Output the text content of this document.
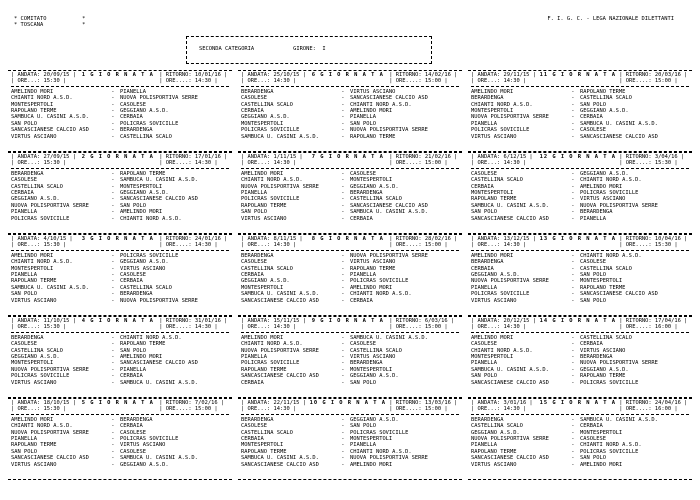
* COMITATO           *
* TOSCANA            *
F. I. G. C. - LEGA NAZIONALE DILETTANTI
SECONDA CATEGORIA	GIRONE: I
| ANDATA: 20/09/15 |	1 G I O R N A T A | RITORNO: 10/01/16 |
| ORE...: 15:30 |	| ORE....: 14:30 |
AMELINDO MORI	-	PIANELLA
CHIANTI NORD A.S.D.	-	NUOVA POLISPORTIVA SERRE
MONTESPERTOLI	-	CASOLESE
RAPOLANO TERME	-	GEGGIANO A.S.D.
SAMBUCA U. CASINI A.S.D.	-	CERBAIA
SAN POLO	-	POLICRAS SOVICILLE
SANCASCIANESE CALCIO ASD	-	BERARDENGA
VIRTUS ASCIANO	-	CASTELLINA SCALO
| ANDATA: 25/10/15 |	6 G I O R N A T A | RITORNO: 14/02/16 |
| ORE...: 14:30 |	| ORE....: 15:00 |
BERARDENGA	-	VIRTUS ASCIANO
CASOLESE	-	SANCASCIANESE CALCIO ASD
CASTELLINA SCALO	-	CHIANTI NORD A.S.D.
CERBAIA	-	AMELINDO MORI
GEGGIANO A.S.D.	-	PIANELLA
MONTESPERTOLI	-	SAN POLO
POLICRAS SOVICILLE	-	NUOVA POLISPORTIVA SERRE
SAMBUCA U. CASINI A.S.D.	-	RAPOLANO TERME
| ANDATA: 29/11/15 | 11 G I O R N A T A | RITORNO: 20/03/16 |
| ORE...: 14:30 |	| ORE....: 15:00 |
AMELINDO MORI	-	RAPOLANO TERME
BERARDENGA	-	CASTELLINA SCALO
CHIANTI NORD A.S.D.	-	SAN POLO
MONTESPERTOLI	-	GEGGIANO A.S.D.
NUOVA POLISPORTIVA SERRE	-	CERBAIA
PIANELLA	-	SAMBUCA U. CASINI A.S.D.
POLICRAS SOVICILLE	-	CASOLESE
VIRTUS ASCIANO	-	SANCASCIANESE CALCIO ASD
| ANDATA: 27/09/15 |	2 G I O R N A T A | RITORNO: 17/01/16 |
| ORE...: 15:30 |	| ORE....: 14:30 |
BERARDENGA	-	RAPOLANO TERME
CASOLESE	-	SAMBUCA U. CASINI A.S.D.
CASTELLINA SCALO	-	MONTESPERTOLI
CERBAIA	-	GEGGIANO A.S.D.
GEGGIANO A.S.D.	-	SANCASCIANESE CALCIO ASD
NUOVA POLISPORTIVA SERRE	-	SAN POLO
PIANELLA	-	AMELINDO MORI
POLICRAS SOVICILLE	-	CHIANTI NORD A.S.D.
| ANDATA: 1/11/15 |	7 G I O R N A T A | RITORNO: 21/02/16 |
| ORE...: 14:30 |	| ORE....: 15:00 |
AMELINDO MORI	-	CASOLESE
CHIANTI NORD A.S.D.	-	MONTESPERTOLI
NUOVA POLISPORTIVA SERRE	-	GEGGIANO A.S.D.
PIANELLA	-	BERARDENGA
POLICRAS SOVICILLE	-	CASTELLINA SCALO
RAPOLANO TERME	-	SANCASCIANESE CALCIO ASD
SAN POLO	-	SAMBUCA U. CASINI A.S.D.
VIRTUS ASCIANO	-	CERBAIA
| ANDATA: 6/12/15 |	12 G I O R N A T A | RITORNO: 3/04/16 |
| ORE...: 14:30 |	| ORE....: 15:30 |
CASOLESE	-	GEGGIANO A.S.D.
CASTELLINA SCALO	-	CHIANTI NORD A.S.D.
CERBAIA	-	AMELINDO MORI
MONTESPERTOLI	-	POLICRAS SOVICILLE
RAPOLANO TERME	-	VIRTUS ASCIANO
SAMBUCA U. CASINI A.S.D.	-	NUOVA POLISPORTIVA SERRE
SAN POLO	-	BERARDENGA
SANCASCIANESE CALCIO ASD	-	PIANELLA
| ANDATA: 4/10/15 |	3 G I O R N A T A | RITORNO: 24/01/16 |
| ORE...: 15:30 |	| ORE....: 14:30 |
AMELINDO MORI	-	POLICRAS SOVICILLE
CHIANTI NORD A.S.D.	-	GEGGIANO A.S.D.
MONTESPERTOLI	-	VIRTUS ASCIANO
PIANELLA	-	CASOLESE
RAPOLANO TERME	-	CERBAIA
SAMBUCA U. CASINI A.S.D.	-	CASTELLINA SCALO
SAN POLO	-	BERARDENGA
VIRTUS ASCIANO	-	NUOVA POLISPORTIVA SERRE
| ANDATA: 8/11/15 |	8 G I O R N A T A | RITORNO: 28/02/16 |
| ORE...: 14:30 |	| ORE....: 15:00 |
BERARDENGA	-	NUOVA POLISPORTIVA SERRE
CASOLESE	-	VIRTUS ASCIANO
CASTELLINA SCALO	-	RAPOLANO TERME
CERBAIA	-	PIANELLA
GEGGIANO A.S.D.	-	POLICRAS SOVICILLE
MONTESPERTOLI	-	AMELINDO MORI
SAMBUCA U. CASINI A.S.D.	-	CHIANTI NORD A.S.D.
SANCASCIANESE CALCIO ASD	-	CERBAIA
| ANDATA: 13/12/15 | 13 G I O R N A T A | RITORNO: 10/04/16 |
| ORE...: 14:30 |	| ORE....: 15:30 |
AMELINDO MORI	-	CHIANTI NORD A.S.D.
BERARDENGA	-	CASOLESE
CERBAIA	-	CASTELLINA SCALO
GEGGIANO A.S.D.	-	SAN POLO
NUOVA POLISPORTIVA SERRE	-	MONTESPERTOLI
PIANELLA	-	RAPOLANO TERME
POLICRAS SOVICILLE	-	SANCASCIANESE CALCIO ASD
VIRTUS ASCIANO	-	SAN POLO
| ANDATA: 11/10/15 |	4 G I O R N A T A | RITORNO: 31/01/16 |
| ORE...: 15:30 |	| ORE....: 14:30 |
BERARDENGA	-	CHIANTI NORD A.S.D.
CASOLESE	-	RAPOLANO TERME
CASTELLINA SCALO	-	SAN POLO
GEGGIANO A.S.D.	-	AMELINDO MORI
MONTESPERTOLI	-	SANCASCIANESE CALCIO ASD
NUOVA POLISPORTIVA SERRE	-	PIANELLA
POLICRAS SOVICILLE	-	CERBAIA
VIRTUS ASCIANO	-	SAMBUCA U. CASINI A.S.D.
| ANDATA: 15/11/15 |	9 G I O R N A T A | RITORNO: 6/03/16 |
| ORE...: 14:30 |	| ORE....: 15:00 |
AMELINDO MORI	-	SAMBUCA U. CASINI A.S.D.
CHIANTI NORD A.S.D.	-	CASOLESE
NUOVA POLISPORTIVA SERRE	-	CASTELLINA SCALO
PIANELLA	-	VIRTUS ASCIANO
POLICRAS SOVICILLE	-	BERARDENGA
RAPOLANO TERME	-	MONTESPERTOLI
SANCASCIANESE CALCIO ASD	-	GEGGIANO A.S.D.
CERBAIA	-	SAN POLO
| ANDATA: 20/12/15 | 14 G I O R N A T A | RITORNO: 17/04/16 |
| ORE...: 14:30 |	| ORE....: 16:00 |
AMELINDO MORI	-	CASTELLINA SCALO
CASOLESE	-	CERBAIA
CHIANTI NORD A.S.D.	-	VIRTUS ASCIANO
MONTESPERTOLI	-	BERARDENGA
PIANELLA	-	NUOVA POLISPORTIVA SERRE
SAMBUCA U. CASINI A.S.D.	-	GEGGIANO A.S.D.
SAN POLO	-	RAPOLANO TERME
SANCASCIANESE CALCIO ASD	-	POLICRAS SOVICILLE
| ANDATA: 18/10/15 |	5 G I O R N A T A | RITORNO: 7/02/16 |
| ORE...: 15:30 |	| ORE....: 15:00 |
AMELINDO MORI	-	BERARDENGA
CHIANTI NORD A.S.D.	-	CERBAIA
NUOVA POLISPORTIVA SERRE	-	CASOLESE
PIANELLA	-	POLICRAS SOVICILLE
RAPOLANO TERME	-	VIRTUS ASCIANO
SAN POLO	-	CASOLESE
SANCASCIANESE CALCIO ASD	-	SAMBUCA U. CASINI A.S.D.
VIRTUS ASCIANO	-	GEGGIANO A.S.D.
| ANDATA: 22/11/15 | 10 G I O R N A T A | RITORNO: 13/03/16 |
| ORE...: 14:30 |	| ORE....: 15:00 |
BERARDENGA	-	GEGGIANO A.S.D.
CASOLESE	-	SAN POLO
CASTELLINA SCALO	-	POLICRAS SOVICILLE
CERBAIA	-	MONTESPERTOLI
MONTESPERTOLI	-	PIANELLA
RAPOLANO TERME	-	CHIANTI NORD A.S.D.
SAMBUCA U. CASINI A.S.D.	-	NUOVA POLISPORTIVA SERRE
SANCASCIANESE CALCIO ASD	-	AMELINDO MORI
| ANDATA: 3/01/16 |	15 G I O R N A T A | RITORNO: 24/04/16 |
| ORE...: 14:30 |	| ORE....: 16:00 |
BERARDENGA	-	SAMBUCA U. CASINI A.S.D.
CASTELLINA SCALO	-	CERBAIA
GEGGIANO A.S.D.	-	MONTESPERTOLI
NUOVA POLISPORTIVA SERRE	-	CASOLESE
PIANELLA	-	CHIANTI NORD A.S.D.
RAPOLANO TERME	-	POLICRAS SOVICILLE
SANCASCIANESE CALCIO ASD	-	SAN POLO
VIRTUS ASCIANO	-	AMELINDO MORI
